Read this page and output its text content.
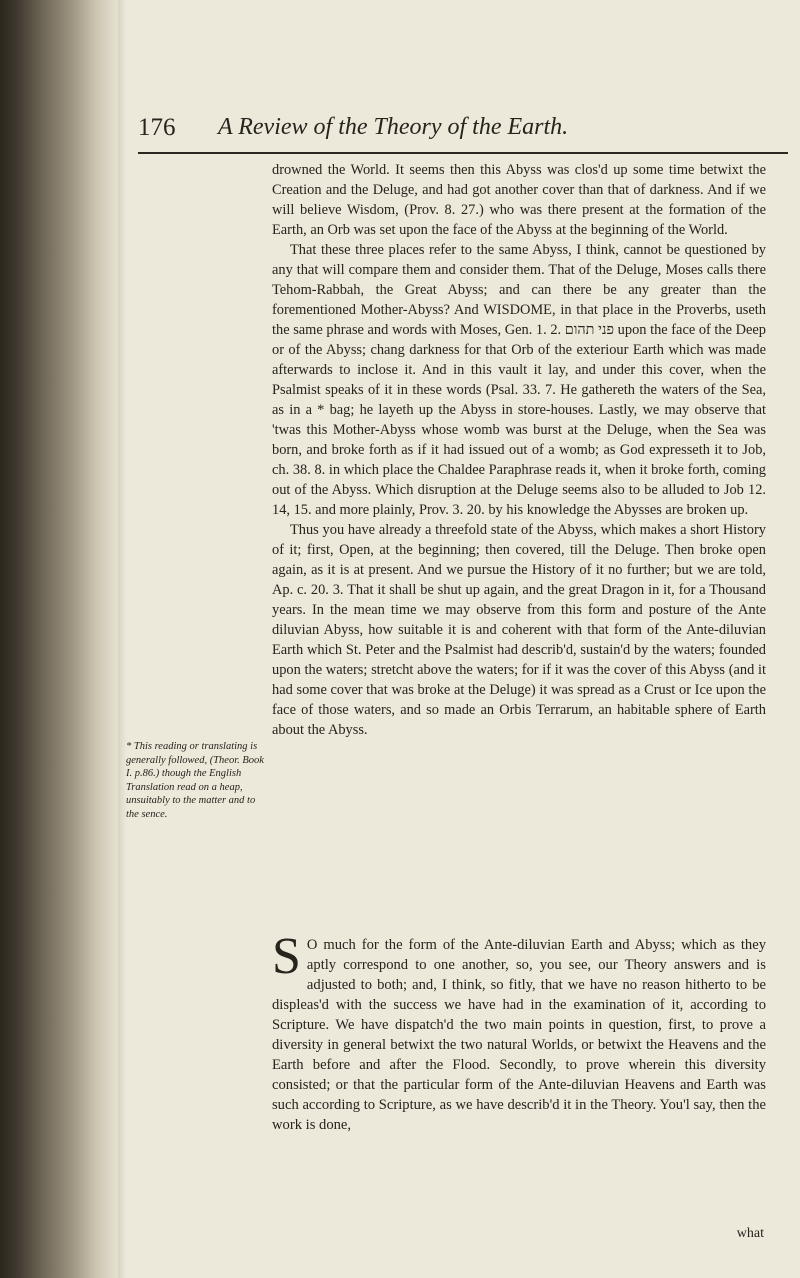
176 A Review of the Theory of the Earth.
* This reading or translating is generally followed, (Theor. Book I. p.86.) though the English Translation read on a heap, unsuitably to the matter and to the sence.

drowned the World. It seems then this Abyss was clos'd up some time betwixt the Creation and the Deluge, and had got another cover than that of darkness. And if we will believe Wisdom, (Prov. 8. 27.) who was there present at the formation of the Earth, an Orb was set upon the face of the Abyss at the beginning of the World.

That these three places refer to the same Abyss, I think, cannot be questioned by any that will compare them and consider them. That of the Deluge, Moses calls there Tehom-Rabbah, the Great Abyss; and can there be any greater than the forementioned Mother-Abyss? And WISDOME, in that place in the Proverbs, useth the same phrase and words with Moses, Gen. 1. 2. פני תהום upon the face of the Deep or of the Abyss; chang darkness for that Orb of the exteriour Earth which was made afterwards to inclose it. And in this vault it lay, and under this cover, when the Psalmist speaks of it in these words (Psal. 33. 7. He gathereth the waters of the Sea, as in a * bag; he layeth up the Abyss in store-houses. Lastly, we may observe that 'twas this Mother-Abyss whose womb was burst at the Deluge, when the Sea was born, and broke forth as if it had issued out of a womb; as God expresseth it to Job, ch. 38. 8. in which place the Chaldee Paraphrase reads it, when it broke forth, coming out of the Abyss. Which disruption at the Deluge seems also to be alluded to Job 12. 14, 15. and more plainly, Prov. 3. 20. by his knowledge the Abysses are broken up.

Thus you have already a threefold state of the Abyss, which makes a short History of it; first, Open, at the beginning; then covered, till the Deluge. Then broke open again, as it is at present. And we pursue the History of it no further; but we are told, Ap. c. 20. 3. That it shall be shut up again, and the great Dragon in it, for a Thousand years. In the mean time we may observe from this form and posture of the Ante diluvian Abyss, how suitable it is and coherent with that form of the Ante-diluvian Earth which St. Peter and the Psalmist had describ'd, sustain'd by the waters; founded upon the waters; stretcht above the waters; for if it was the cover of this Abyss (and it had some cover that was broke at the Deluge) it was spread as a Crust or Ice upon the face of those waters, and so made an Orbis Terrarum, an habitable sphere of Earth about the Abyss.

S O much for the form of the Ante-diluvian Earth and Abyss; which as they aptly correspond to one another, so, you see, our Theory answers and is adjusted to both; and, I think, so fitly, that we have no reason hitherto to be displeas'd with the success we have had in the examination of it, according to Scripture. We have dispatch'd the two main points in question, first, to prove a diversity in general betwixt the two natural Worlds, or betwixt the Heavens and the Earth before and after the Flood. Secondly, to prove wherein this diversity consisted; or that the particular form of the Ante-diluvian Heavens and Earth was such according to Scripture, as we have describ'd it in the Theory. You'l say, then the work is done,
what
